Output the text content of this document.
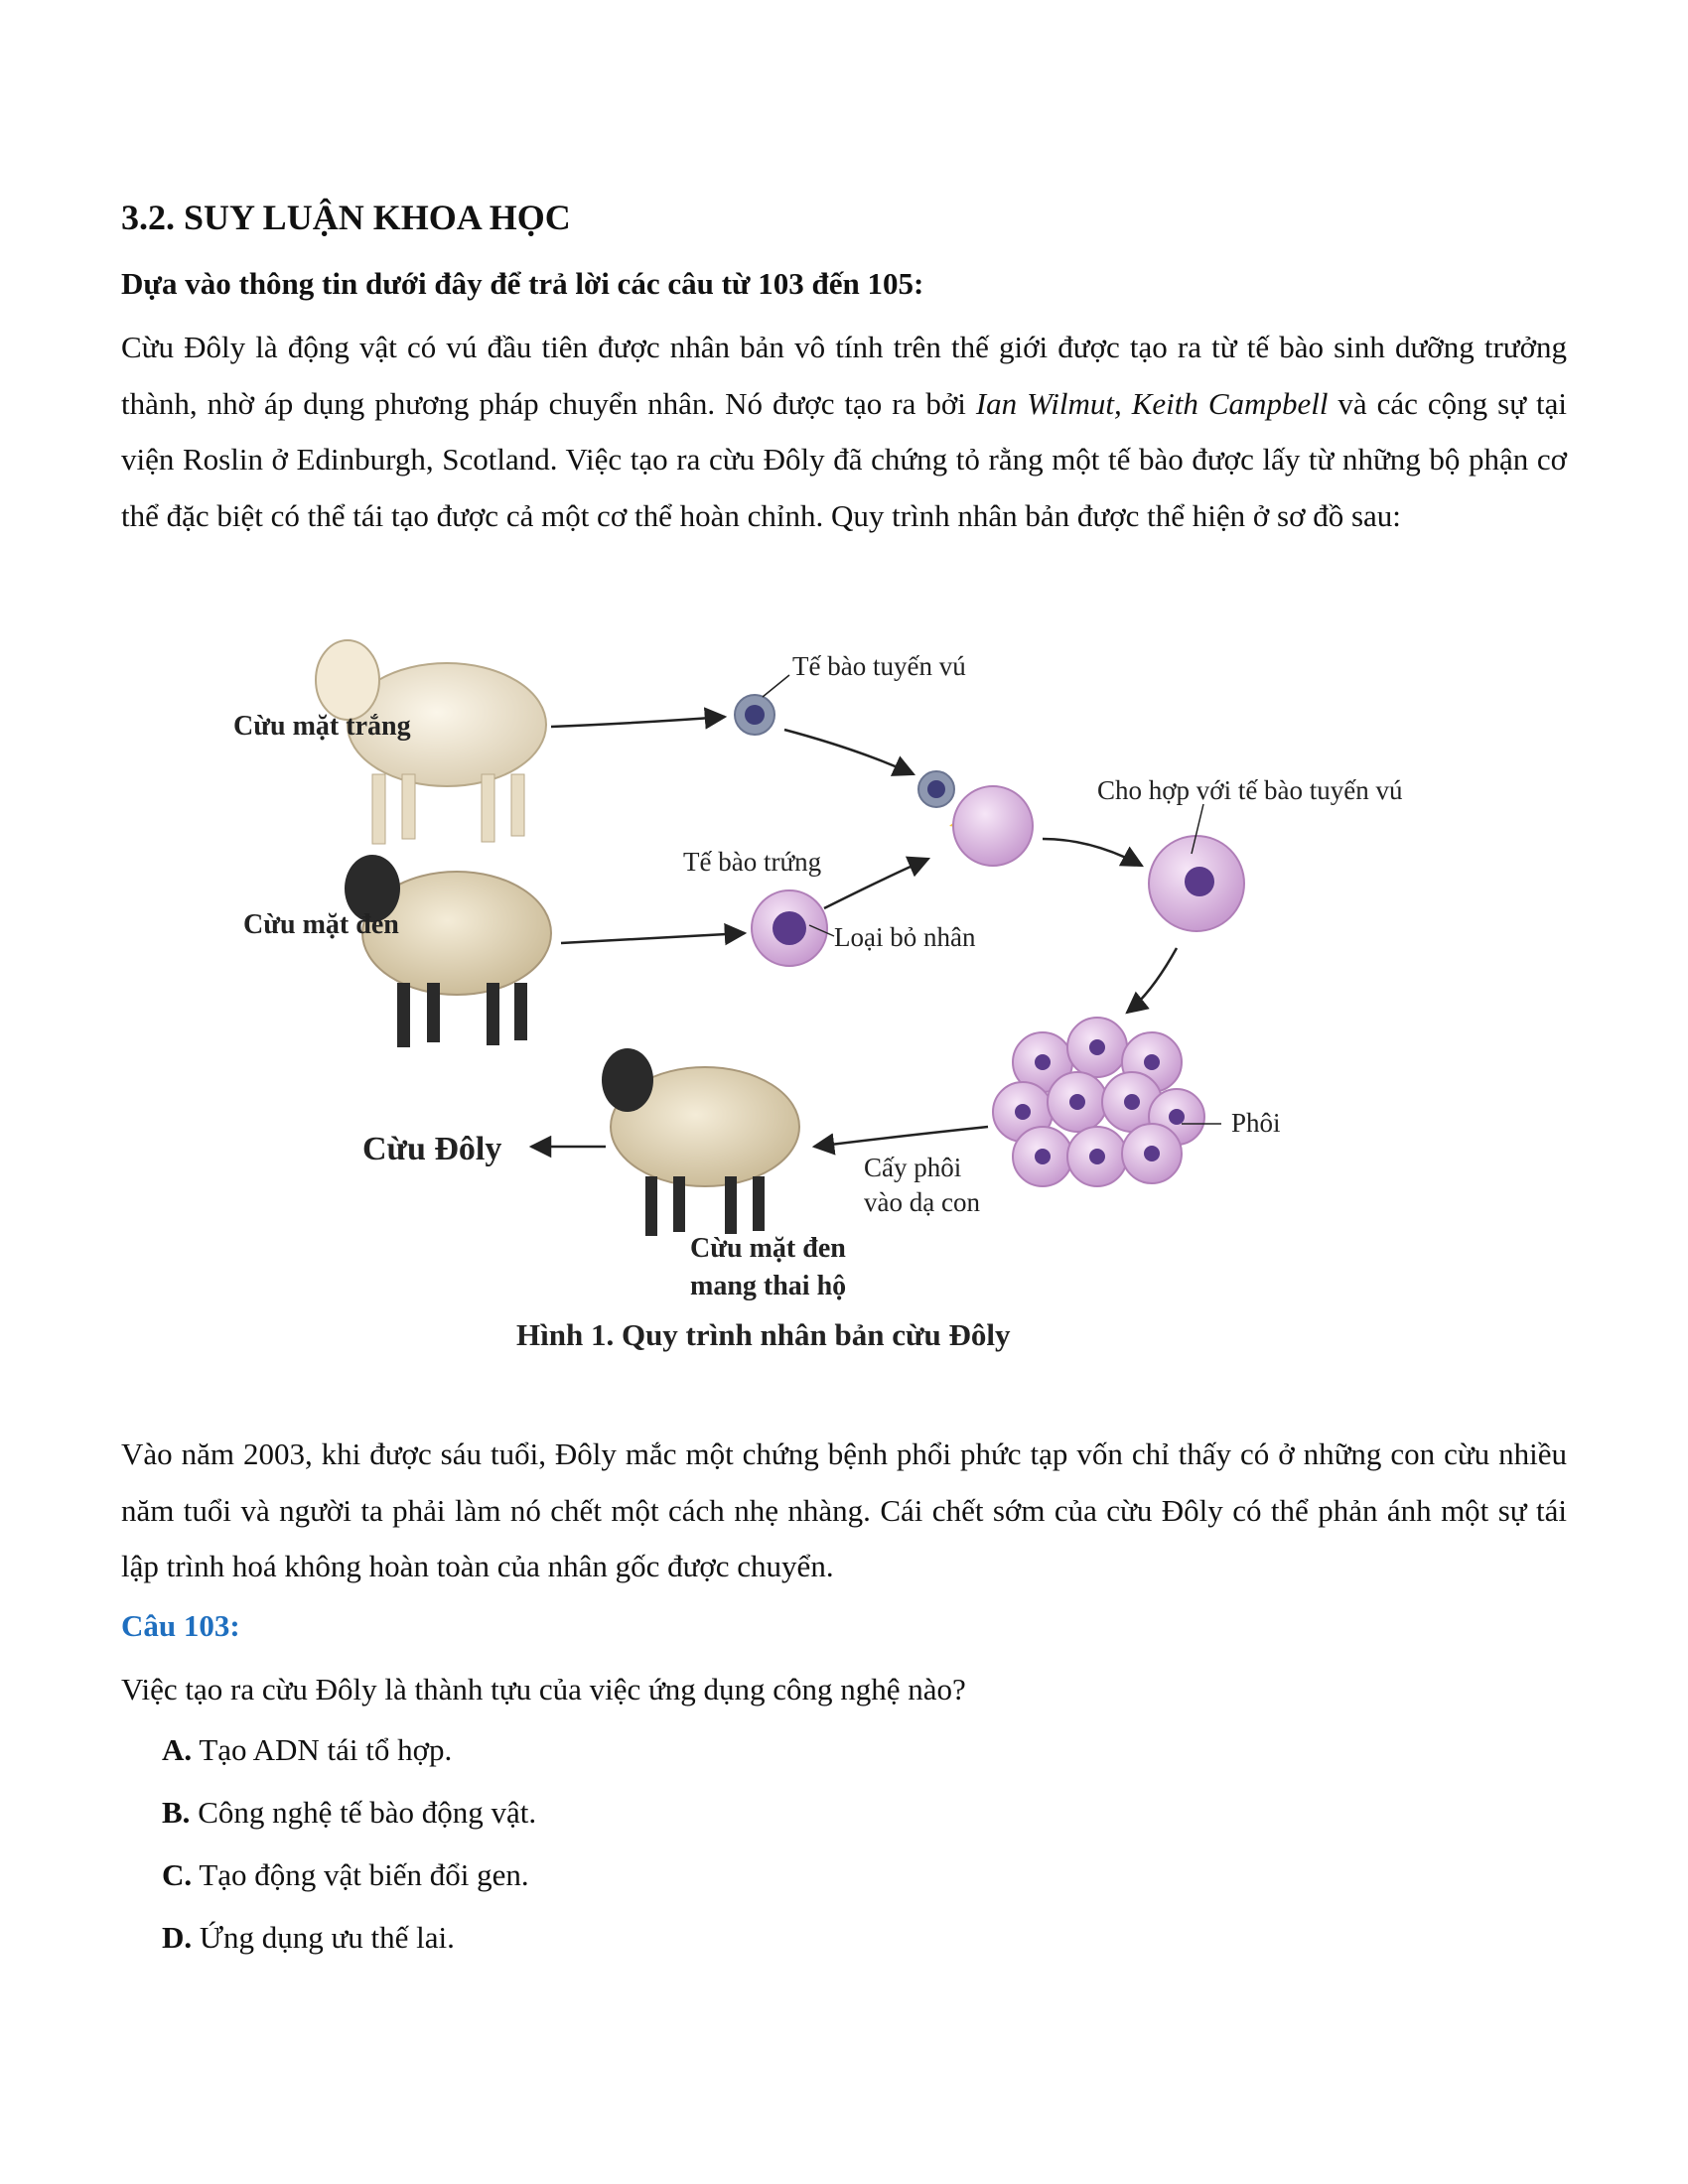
3.2. SUY LUẬN KHOA HỌC

Dựa vào thông tin dưới đây để trả lời các câu từ 103 đến 105:

Cừu Đôly là động vật có vú đầu tiên được nhân bản vô tính trên thế giới được tạo ra từ tế bào sinh dưỡng trưởng thành, nhờ áp dụng phương pháp chuyển nhân. Nó được tạo ra bởi Ian Wilmut, Keith Campbell và các cộng sự tại viện Roslin ở Edinburgh, Scotland. Việc tạo ra cừu Đôly đã chứng tỏ rằng một tế bào được lấy từ những bộ phận cơ thể đặc biệt có thể tái tạo được cả một cơ thể hoàn chỉnh. Quy trình nhân bản được thể hiện ở sơ đồ sau:

Cừu mặt trắng
Cừu mặt đen
Tế bào tuyến vú
Tế bào trứng
Loại bỏ nhân
Cho hợp với tế bào tuyến vú
Phôi
Cấy phôi
vào dạ con
Cừu mặt đen
mang thai hộ
Cừu Đôly
Hình 1. Quy trình nhân bản cừu Đôly

Vào năm 2003, khi được sáu tuổi, Đôly mắc một chứng bệnh phổi phức tạp vốn chỉ thấy có ở những con cừu nhiều năm tuổi và người ta phải làm nó chết một cách nhẹ nhàng. Cái chết sớm của cừu Đôly có thể phản ánh một sự tái lập trình hoá không hoàn toàn của nhân gốc được chuyển.

Câu 103:

Việc tạo ra cừu Đôly là thành tựu của việc ứng dụng công nghệ nào?

A. Tạo ADN tái tổ hợp.
B. Công nghệ tế bào động vật.
C. Tạo động vật biến đổi gen.
D. Ứng dụng ưu thế lai.
